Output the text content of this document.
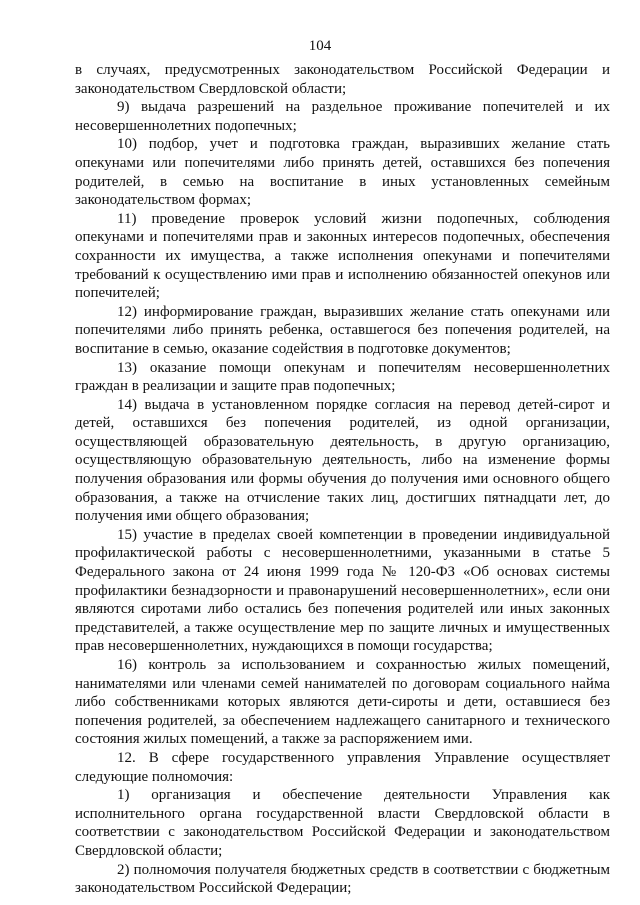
104

в случаях, предусмотренных законодательством Российской Федерации и законодательством Свердловской области;

9) выдача разрешений на раздельное проживание попечителей и их несовершеннолетних подопечных;

10) подбор, учет и подготовка граждан, выразивших желание стать опекунами или попечителями либо принять детей, оставшихся без попечения родителей, в семью на воспитание в иных установленных семейным законодательством формах;

11) проведение проверок условий жизни подопечных, соблюдения опекунами и попечителями прав и законных интересов подопечных, обеспечения сохранности их имущества, а также исполнения опекунами и попечителями требований к осуществлению ими прав и исполнению обязанностей опекунов или попечителей;

12) информирование граждан, выразивших желание стать опекунами или попечителями либо принять ребенка, оставшегося без попечения родителей, на воспитание в семью, оказание содействия в подготовке документов;

13) оказание помощи опекунам и попечителям несовершеннолетних граждан в реализации и защите прав подопечных;

14) выдача в установленном порядке согласия на перевод детей-сирот и детей, оставшихся без попечения родителей, из одной организации, осуществляющей образовательную деятельность, в другую организацию, осуществляющую образовательную деятельность, либо на изменение формы получения образования или формы обучения до получения ими основного общего образования, а также на отчисление таких лиц, достигших пятнадцати лет, до получения ими общего образования;

15) участие в пределах своей компетенции в проведении индивидуальной профилактической работы с несовершеннолетними, указанными в статье 5 Федерального закона от 24 июня 1999 года № 120-ФЗ «Об основах системы профилактики безнадзорности и правонарушений несовершеннолетних», если они являются сиротами либо остались без попечения родителей или иных законных представителей, а также осуществление мер по защите личных и имущественных прав несовершеннолетних, нуждающихся в помощи государства;

16) контроль за использованием и сохранностью жилых помещений, нанимателями или членами семей нанимателей по договорам социального найма либо собственниками которых являются дети-сироты и дети, оставшиеся без попечения родителей, за обеспечением надлежащего санитарного и технического состояния жилых помещений, а также за распоряжением ими.

12. В сфере государственного управления Управление осуществляет следующие полномочия:

1) организация и обеспечение деятельности Управления как исполнительного органа государственной власти Свердловской области в соответствии с законодательством Российской Федерации и законодательством Свердловской области;

2) полномочия получателя бюджетных средств в соответствии с бюджетным законодательством Российской Федерации;
